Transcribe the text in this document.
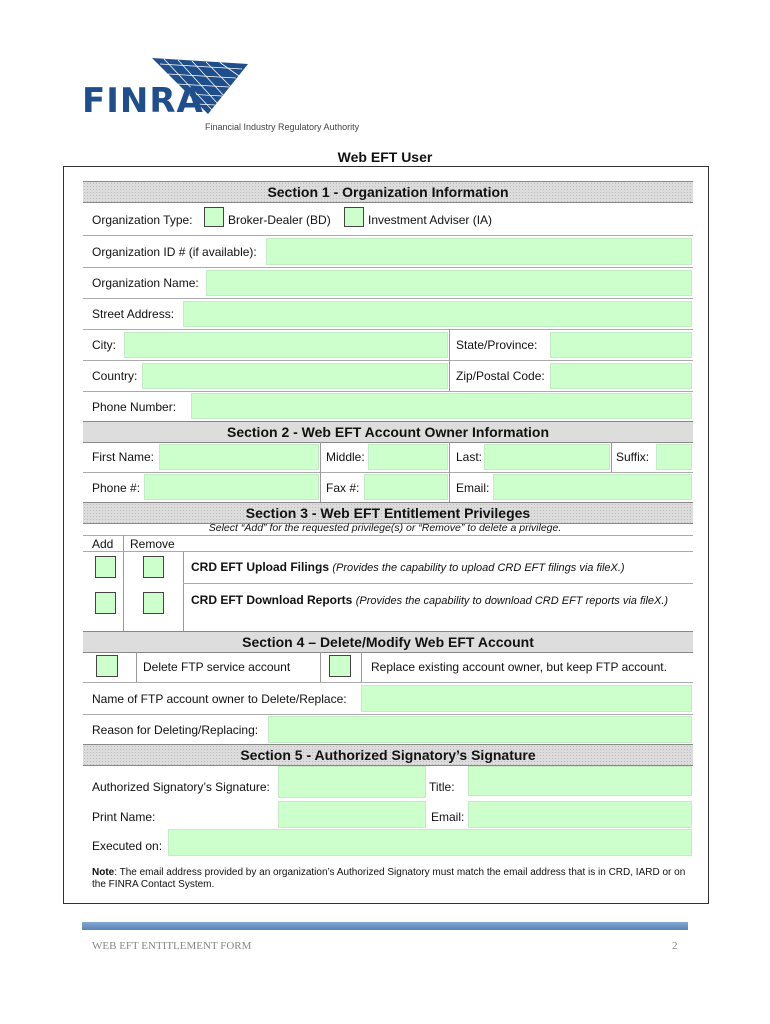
FINRA
Financial Industry Regulatory Authority
Web EFT User
Section 1 - Organization Information
Organization Type:	Broker-Dealer (BD)	Investment Adviser (IA)
Organization ID # (if available):
Organization Name:
Street Address:
City:	State/Province:
Country:	Zip/Postal Code:
Phone Number:
Section 2 - Web EFT Account Owner Information
First Name:	Middle:	Last:	Suffix:
Phone #:	Fax #:	Email:
Section 3 - Web EFT Entitlement Privileges
Select “Add” for the requested privilege(s) or “Remove” to delete a privilege.
Add Remove
CRD EFT Upload Filings (Provides the capability to upload CRD EFT filings via fileX.)
CRD EFT Download Reports (Provides the capability to download CRD EFT reports via fileX.)
Section 4 – Delete/Modify Web EFT Account
Delete FTP service account	Replace existing account owner, but keep FTP account.
Name of FTP account owner to Delete/Replace:
Reason for Deleting/Replacing:
Section 5 - Authorized Signatory’s Signature
Authorized Signatory’s Signature:	Title:
Print Name:	Email:
Executed on:
Note: The email address provided by an organization’s Authorized Signatory must match the email address that is in CRD, IARD or on the FINRA Contact System.
WEB EFT ENTITLEMENT FORM	2
